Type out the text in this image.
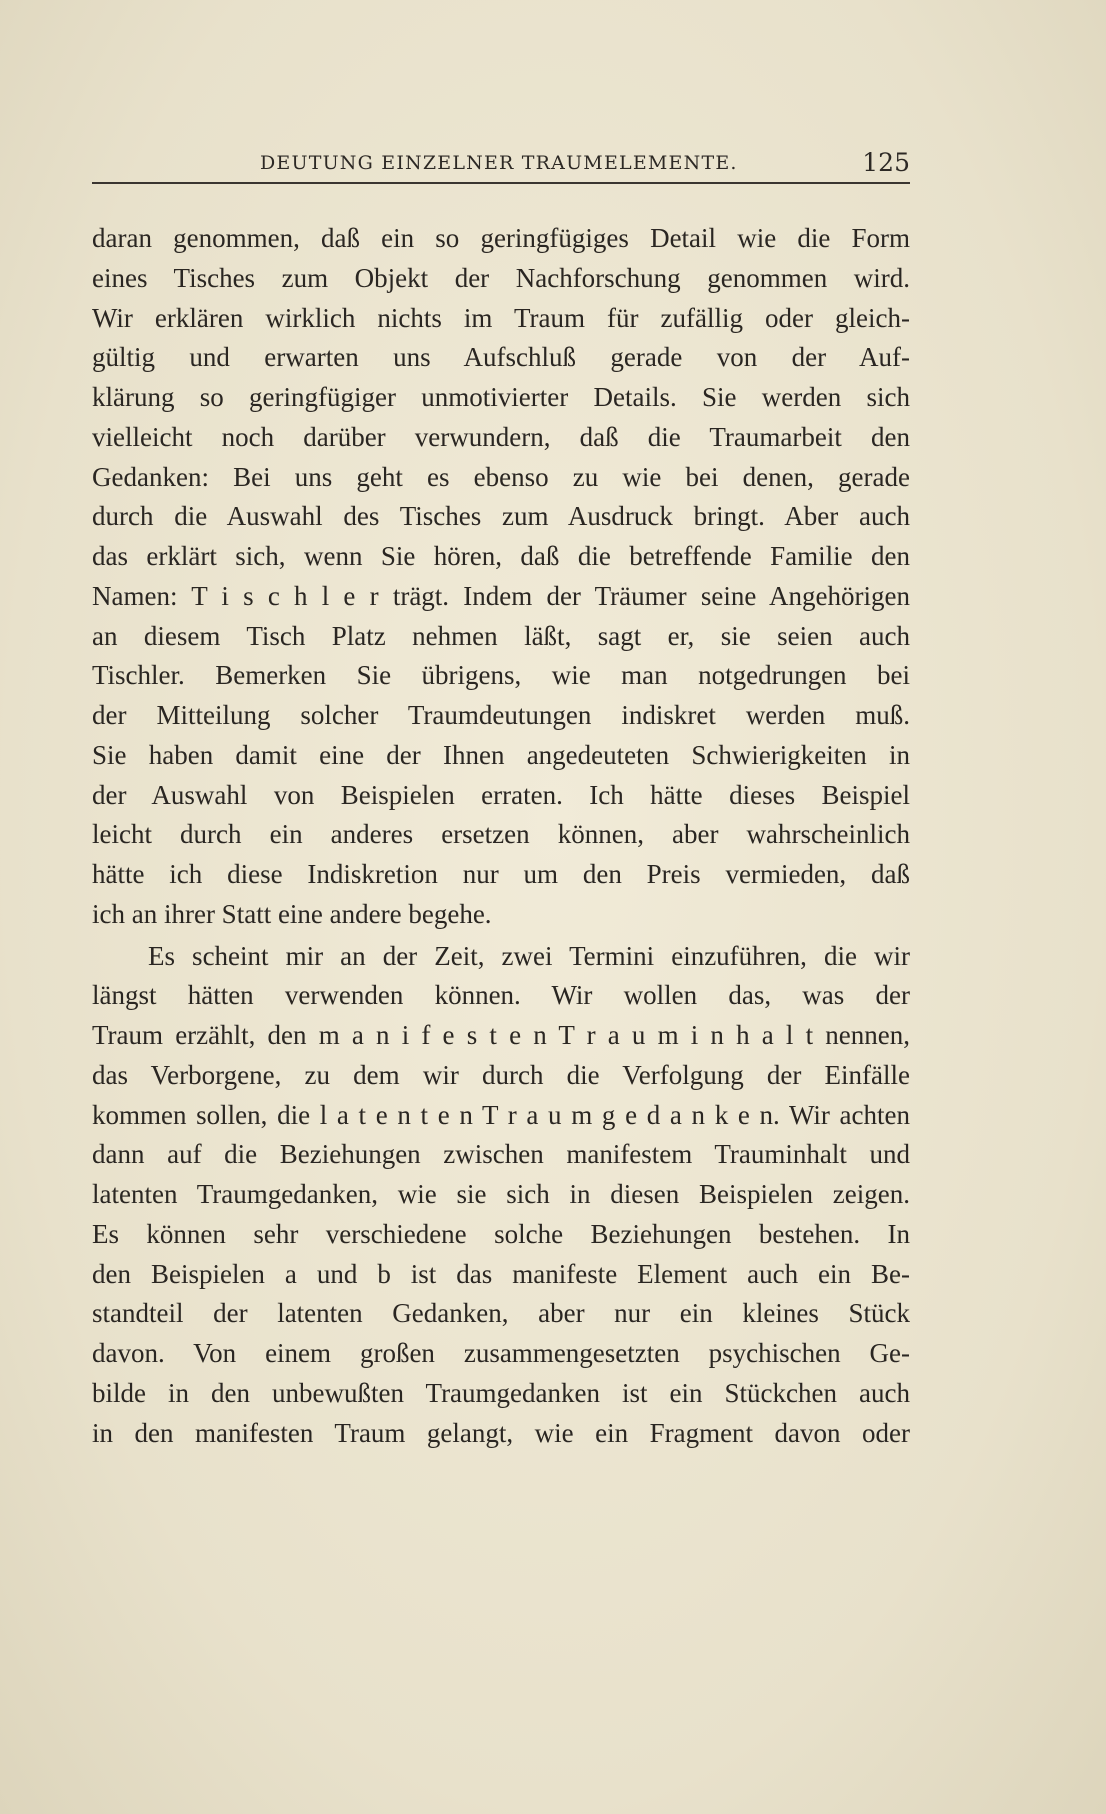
DEUTUNG EINZELNER TRAUMELEMENTE.	125
daran genommen, daß ein so geringfügiges Detail wie die Form
eines Tisches zum Objekt der Nachforschung genommen wird.
Wir erklären wirklich nichts im Traum für zufällig oder gleich-
gültig und erwarten uns Aufschluß gerade von der Auf-
klärung so geringfügiger unmotivierter Details. Sie werden sich
vielleicht noch darüber verwundern, daß die Traumarbeit den
Gedanken: Bei uns geht es ebenso zu wie bei denen, gerade
durch die Auswahl des Tisches zum Ausdruck bringt. Aber auch
das erklärt sich, wenn Sie hören, daß die betreffende Familie den
Namen: T i s c h l e r trägt. Indem der Träumer seine Angehörigen
an diesem Tisch Platz nehmen läßt, sagt er, sie seien auch
Tischler. Bemerken Sie übrigens, wie man notgedrungen bei
der Mitteilung solcher Traumdeutungen indiskret werden muß.
Sie haben damit eine der Ihnen angedeuteten Schwierigkeiten in
der Auswahl von Beispielen erraten. Ich hätte dieses Beispiel
leicht durch ein anderes ersetzen können, aber wahrscheinlich
hätte ich diese Indiskretion nur um den Preis vermieden, daß
ich an ihrer Statt eine andere begehe.
Es scheint mir an der Zeit, zwei Termini einzuführen, die wir
längst hätten verwenden können. Wir wollen das, was der
Traum erzählt, den m a n i f e s t e n T r a u m i n h a l t nennen,
das Verborgene, zu dem wir durch die Verfolgung der Einfälle
kommen sollen, die l a t e n t e n T r a u m g e d a n k e n. Wir achten
dann auf die Beziehungen zwischen manifestem Trauminhalt und
latenten Traumgedanken, wie sie sich in diesen Beispielen zeigen.
Es können sehr verschiedene solche Beziehungen bestehen. In
den Beispielen a und b ist das manifeste Element auch ein Be-
standteil der latenten Gedanken, aber nur ein kleines Stück
davon. Von einem großen zusammengesetzten psychischen Ge-
bilde in den unbewußten Traumgedanken ist ein Stückchen auch
in den manifesten Traum gelangt, wie ein Fragment davon oder
